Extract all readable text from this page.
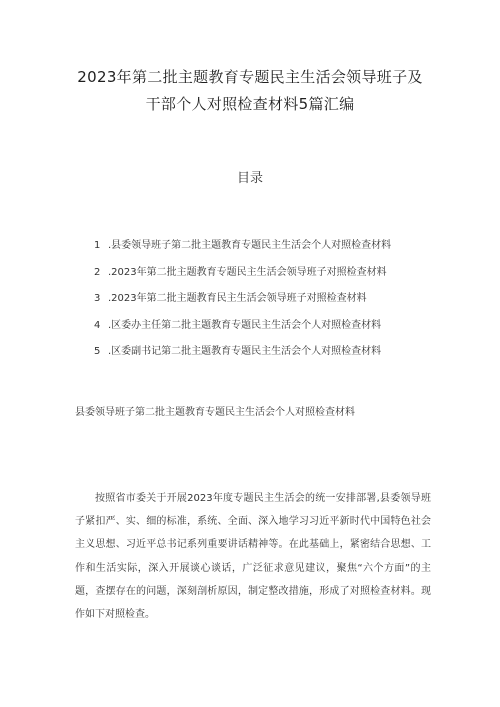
2023年第二批主题教育专题民主生活会领导班子及
干部个人对照检查材料5篇汇编
目录
1 .县委领导班子第二批主题教育专题民主生活会个人对照检查材料
2 .2023年第二批主题教育专题民主生活会领导班子对照检查材料
3 .2023年第二批主题教育民主生活会领导班子对照检查材料
4 .区委办主任第二批主题教育专题民主生活会个人对照检查材料
5 .区委副书记第二批主题教育专题民主生活会个人对照检查材料
县委领导班子第二批主题教育专题民主生活会个人对照检查材料

按照省市委关于开展2023年度专题民主生活会的统一安排部署,县委领导班子紧扣严、实、细的标准，系统、全面、深入地学习习近平新时代中国特色社会主义思想、习近平总书记系列重要讲话精神等。在此基础上，紧密结合思想、工作和生活实际，深入开展谈心谈话，广泛征求意见建议，聚焦“六个方面”的主题，查摆存在的问题，深刻剖析原因，制定整改措施，形成了对照检查材料。现作如下对照检查。
